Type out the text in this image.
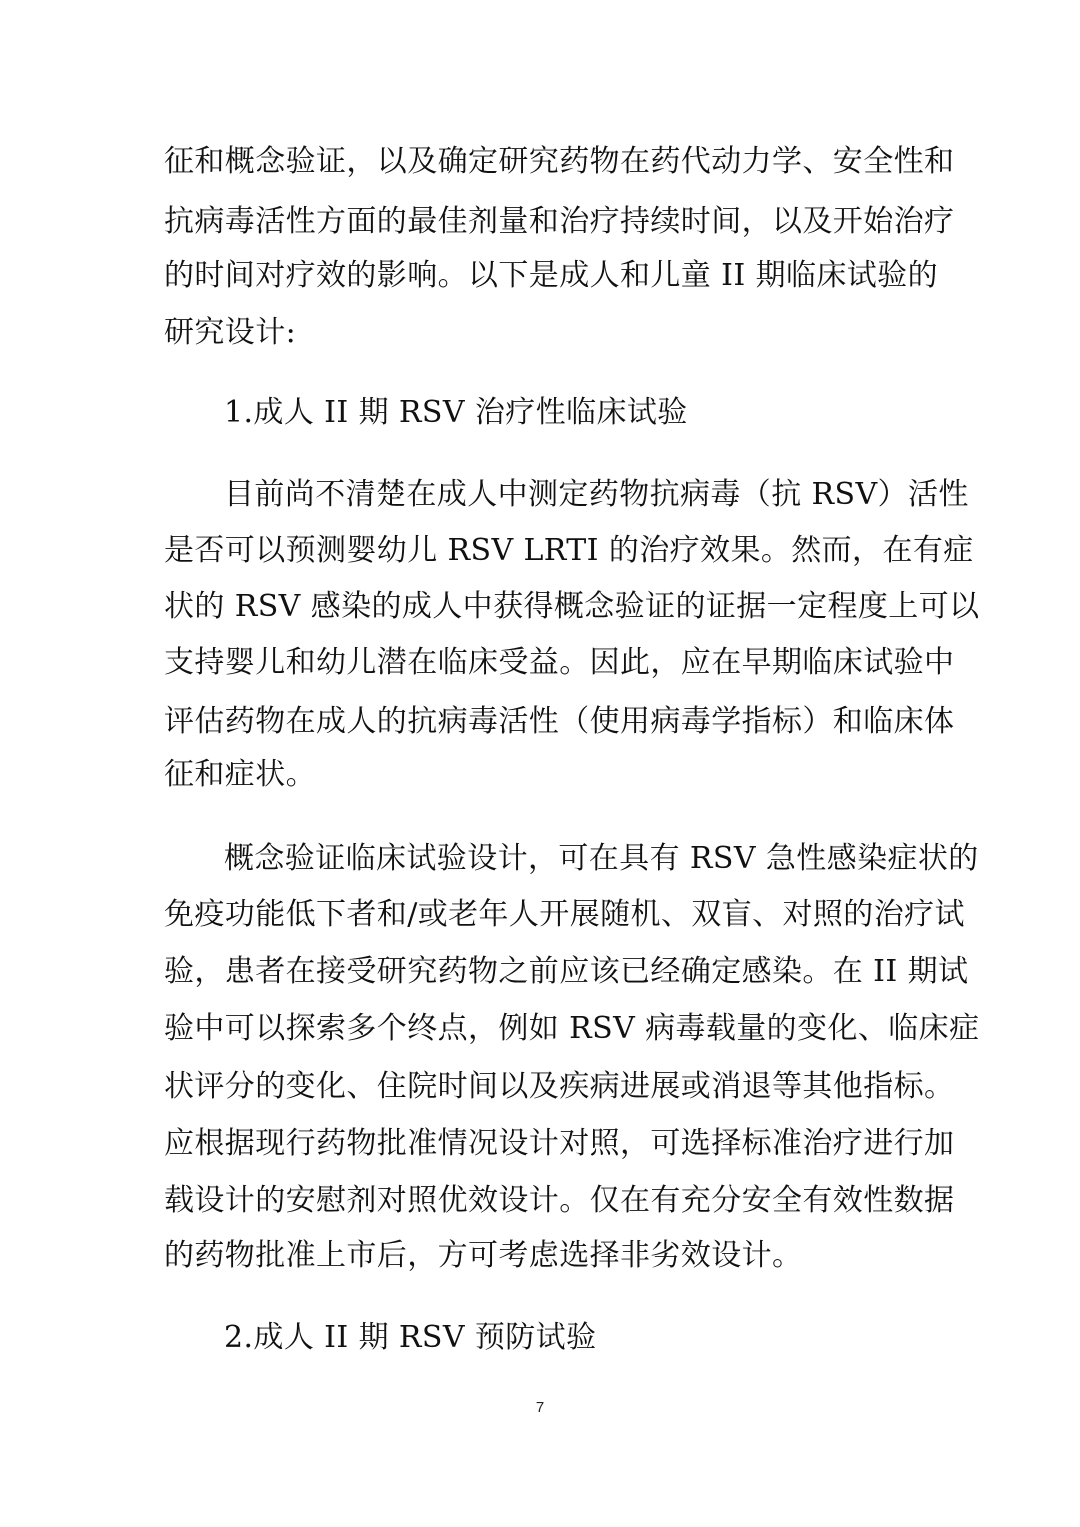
征和概念验证，以及确定研究药物在药代动力学、安全性和
抗病毒活性方面的最佳剂量和治疗持续时间，以及开始治疗
的时间对疗效的影响。以下是成人和儿童 II 期临床试验的
研究设计:
1.成人 II 期 RSV 治疗性临床试验
目前尚不清楚在成人中测定药物抗病毒（抗 RSV）活性
是否可以预测婴幼儿 RSV LRTI 的治疗效果。然而，在有症
状的 RSV 感染的成人中获得概念验证的证据一定程度上可以
支持婴儿和幼儿潜在临床受益。因此，应在早期临床试验中
评估药物在成人的抗病毒活性（使用病毒学指标）和临床体
征和症状。
概念验证临床试验设计，可在具有 RSV 急性感染症状的
免疫功能低下者和/或老年人开展随机、双盲、对照的治疗试
验，患者在接受研究药物之前应该已经确定感染。在 II 期试
验中可以探索多个终点，例如 RSV 病毒载量的变化、临床症
状评分的变化、住院时间以及疾病进展或消退等其他指标。
应根据现行药物批准情况设计对照，可选择标准治疗进行加
载设计的安慰剂对照优效设计。仅在有充分安全有效性数据
的药物批准上市后，方可考虑选择非劣效设计。
2.成人 II 期 RSV 预防试验
7
